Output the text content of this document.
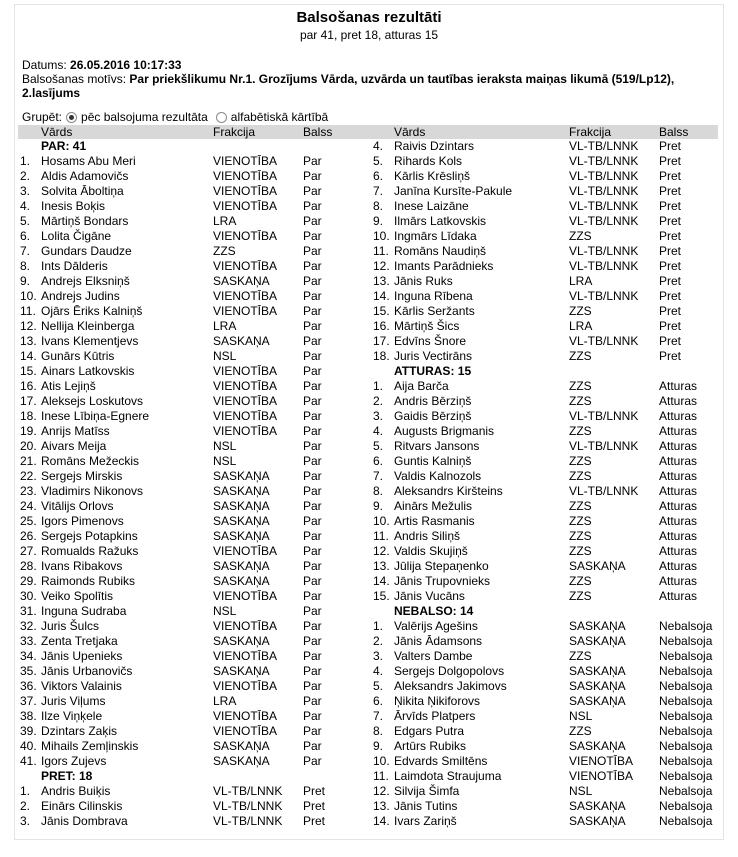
Balsošanas rezultāti
par 41, pret 18, atturas 15
Datums: 26.05.2016 10:17:33
Balsošanas motīvs: Par priekšlikumu Nr.1. Grozījums Vārda, uzvārda un tautības ieraksta maiņas likumā (519/Lp12),
2.lasījums
Grupēt: pēc balsojuma rezultāta alfabētiskā kārtībā
Vārds	Frakcija	Balss
PAR: 41
1. Hosams Abu Meri	VIENOTĪBA Par
2. Aldis Adamovičs	VIENOTĪBA Par
3. Solvita Āboltiņa	VIENOTĪBA Par
4. Inesis Boķis	VIENOTĪBA Par
5. Mārtiņš Bondars	LRA	Par
6. Lolita Čigāne	VIENOTĪBA Par
7. Gundars Daudze	ZZS	Par
8. Ints Dālderis	VIENOTĪBA Par
9. Andrejs Elksniņš	SASKAŅA	Par
10. Andrejs Judins	VIENOTĪBA Par
11. Ojārs Ēriks Kalniņš	VIENOTĪBA Par
12. Nellija Kleinberga	LRA	Par
13. Ivans Klementjevs	SASKAŅA	Par
14. Gunārs Kūtris	NSL	Par
15. Ainars Latkovskis	VIENOTĪBA Par
16. Atis Lejiņš	VIENOTĪBA Par
17. Aleksejs Loskutovs	VIENOTĪBA Par
18. Inese Lībiņa-Egnere	VIENOTĪBA Par
19. Anrijs Matīss	VIENOTĪBA Par
20. Aivars Meija	NSL	Par
21. Romāns Mežeckis	NSL	Par
22. Sergejs Mirskis	SASKAŅA	Par
23. Vladimirs Nikonovs	SASKAŅA	Par
24. Vitālijs Orlovs	SASKAŅA	Par
25. Igors Pimenovs	SASKAŅA	Par
26. Sergejs Potapkins	SASKAŅA	Par
27. Romualds Ražuks	VIENOTĪBA Par
28. Ivans Ribakovs	SASKAŅA	Par
29. Raimonds Rubiks	SASKAŅA	Par
30. Veiko Spolītis	VIENOTĪBA Par
31. Inguna Sudraba	NSL	Par
32. Juris Šulcs	VIENOTĪBA Par
33. Zenta Tretjaka	SASKAŅA	Par
34. Jānis Upenieks	VIENOTĪBA Par
35. Jānis Urbanovičs	SASKAŅA	Par
36. Viktors Valainis	VIENOTĪBA Par
37. Juris Viļums	LRA	Par
38. Ilze Viņķele	VIENOTĪBA Par
39. Dzintars Zaķis	VIENOTĪBA Par
40. Mihails Zemļinskis	SASKAŅA	Par
41. Igors Zujevs	SASKAŅA	Par
PRET: 18
1. Andris Buiķis	VL-TB/LNNK Pret
2. Einārs Cilinskis	VL-TB/LNNK Pret
3. Jānis Dombrava	VL-TB/LNNK Pret
Vārds	Frakcija	Balss
4. Raivis Dzintars	VL-TB/LNNK Pret
5. Rihards Kols	VL-TB/LNNK Pret
6. Kārlis Krēsliņš	VL-TB/LNNK Pret
7. Janīna Kursīte-Pakule	VL-TB/LNNK Pret
8. Inese Laizāne	VL-TB/LNNK Pret
9. Ilmārs Latkovskis	VL-TB/LNNK Pret
10. Ingmārs Līdaka	ZZS	Pret
11. Romāns Naudiņš	VL-TB/LNNK Pret
12. Imants Parādnieks	VL-TB/LNNK Pret
13. Jānis Ruks	LRA	Pret
14. Inguna Rībena	VL-TB/LNNK Pret
15. Kārlis Seržants	ZZS	Pret
16. Mārtiņš Šics	LRA	Pret
17. Edvīns Šnore	VL-TB/LNNK Pret
18. Juris Vectirāns	ZZS	Pret
ATTURAS: 15
1. Aija Barča	ZZS	Atturas
2. Andris Bērziņš	ZZS	Atturas
3. Gaidis Bērziņš	VL-TB/LNNK Atturas
4. Augusts Brigmanis	ZZS	Atturas
5. Ritvars Jansons	VL-TB/LNNK Atturas
6. Guntis Kalniņš	ZZS	Atturas
7. Valdis Kalnozols	ZZS	Atturas
8. Aleksandrs Kiršteins	VL-TB/LNNK Atturas
9. Ainārs Mežulis	ZZS	Atturas
10. Artis Rasmanis	ZZS	Atturas
11. Andris Siliņš	ZZS	Atturas
12. Valdis Skujiņš	ZZS	Atturas
13. Jūlija Stepaņenko	SASKAŅA	Atturas
14. Jānis Trupovnieks	ZZS	Atturas
15. Jānis Vucāns	ZZS	Atturas
NEBALSO: 14
1. Valērijs Agešins	SASKAŅA	Nebalsoja
2. Jānis Ādamsons	SASKAŅA	Nebalsoja
3. Valters Dambe	ZZS	Nebalsoja
4. Sergejs Dolgopolovs	SASKAŅA	Nebalsoja
5. Aleksandrs Jakimovs	SASKAŅA	Nebalsoja
6. Ņikita Ņikiforovs	SASKAŅA	Nebalsoja
7. Ārvīds Platpers	NSL	Nebalsoja
8. Edgars Putra	ZZS	Nebalsoja
9. Artūrs Rubiks	SASKAŅA	Nebalsoja
10. Edvards Smiltēns	VIENOTĪBA Nebalsoja
11. Laimdota Straujuma	VIENOTĪBA Nebalsoja
12. Silvija Šimfa	NSL	Nebalsoja
13. Jānis Tutins	SASKAŅA	Nebalsoja
14. Ivars Zariņš	SASKAŅA	Nebalsoja
